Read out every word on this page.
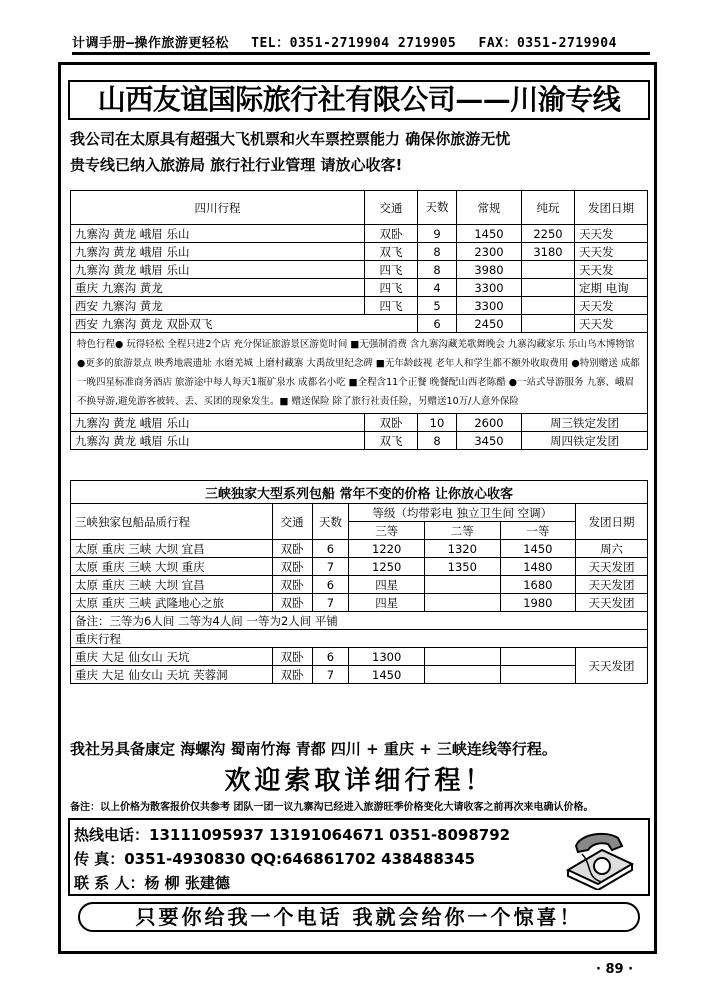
计调手册—操作旅游更轻松 TEL：0351-2719904 2719905 FAX：0351-2719904
山西友谊国际旅行社有限公司——川渝专线
我公司在太原具有超强大飞机票和火车票控票能力 确保你旅游无忧
贵专线已纳入旅游局 旅行社行业管理 请放心收客!
四川行程	交通	天数	常规	纯玩	发团日期
九寨沟 黄龙 峨眉 乐山	双卧	9	1450	2250	天天发
九寨沟 黄龙 峨眉 乐山	双飞	8	2300	3180	天天发
九寨沟 黄龙 峨眉 乐山	四飞	8	3980		天天发
重庆 九寨沟 黄龙	四飞	4	3300		定期 电询
西安 九寨沟 黄龙	四飞	5	3300		天天发
西安 九寨沟 黄龙 双卧双飞		6	2450		天天发
特色行程● 玩得轻松 全程只进2个店 充分保证旅游景区游览时间 ■无强制消费 含九寨沟藏羌歌舞晚会 九寨沟藏家乐 乐山乌木博物馆 ●更多的旅游景点 映秀地震遗址 水磨羌城 上磨村藏寨 大禹故里纪念碑 ■无年龄歧视 老年人和学生都不额外收取费用 ●特别赠送 成都一晚四星标准商务酒店 旅游途中每人每天1瓶矿泉水 成都名小吃 ■全程含11个正餐 晚餐配山西老陈醋 ●一站式导游服务 九寨、峨眉不换导游,避免游客被转、丢、买团的现象发生。■ 赠送保险 除了旅行社责任险，另赠送10万/人意外保险					
九寨沟 黄龙 峨眉 乐山	双卧	10	2600	周三铁定发团	
九寨沟 黄龙 峨眉 乐山	双飞	8	3450	周四铁定发团	
三峡独家大型系列包船 常年不变的价格 让你放心收客						
三峡独家包船品质行程	交通	天数	等级（均带彩电 独立卫生间 空调）			发团日期
			三等	二等	一等	
太原 重庆 三峡 大坝 宜昌	双卧	6	1220	1320	1450	周六
太原 重庆 三峡 大坝 重庆	双卧	7	1250	1350	1480	天天发团
太原 重庆 三峡 大坝 宜昌	双卧	6	四星		1680	天天发团
太原 重庆 三峡 武隆地心之旅	双卧	7	四星		1980	天天发团
备注：三等为6人间 二等为4人间 一等为2人间 平铺						
重庆行程						
重庆 大足 仙女山 天坑	双卧	6	1300			天天发团
重庆 大足 仙女山 天坑 芙蓉洞	双卧	7	1450			
我社另具备康定 海螺沟 蜀南竹海 青都 四川 + 重庆 + 三峡连线等行程。
欢迎索取详细行程！
备注：以上价格为散客报价仅共参考 团队一团一议九寨沟已经进入旅游旺季价格变化大请收客之前再次来电确认价格。
热线电话：13111095937 13191064671 0351-8098792
传 真：0351-4930830 QQ:646861702 438488345
联 系 人：杨 柳 张建德
只要你给我一个电话 我就会给你一个惊喜！
· 89 ·
